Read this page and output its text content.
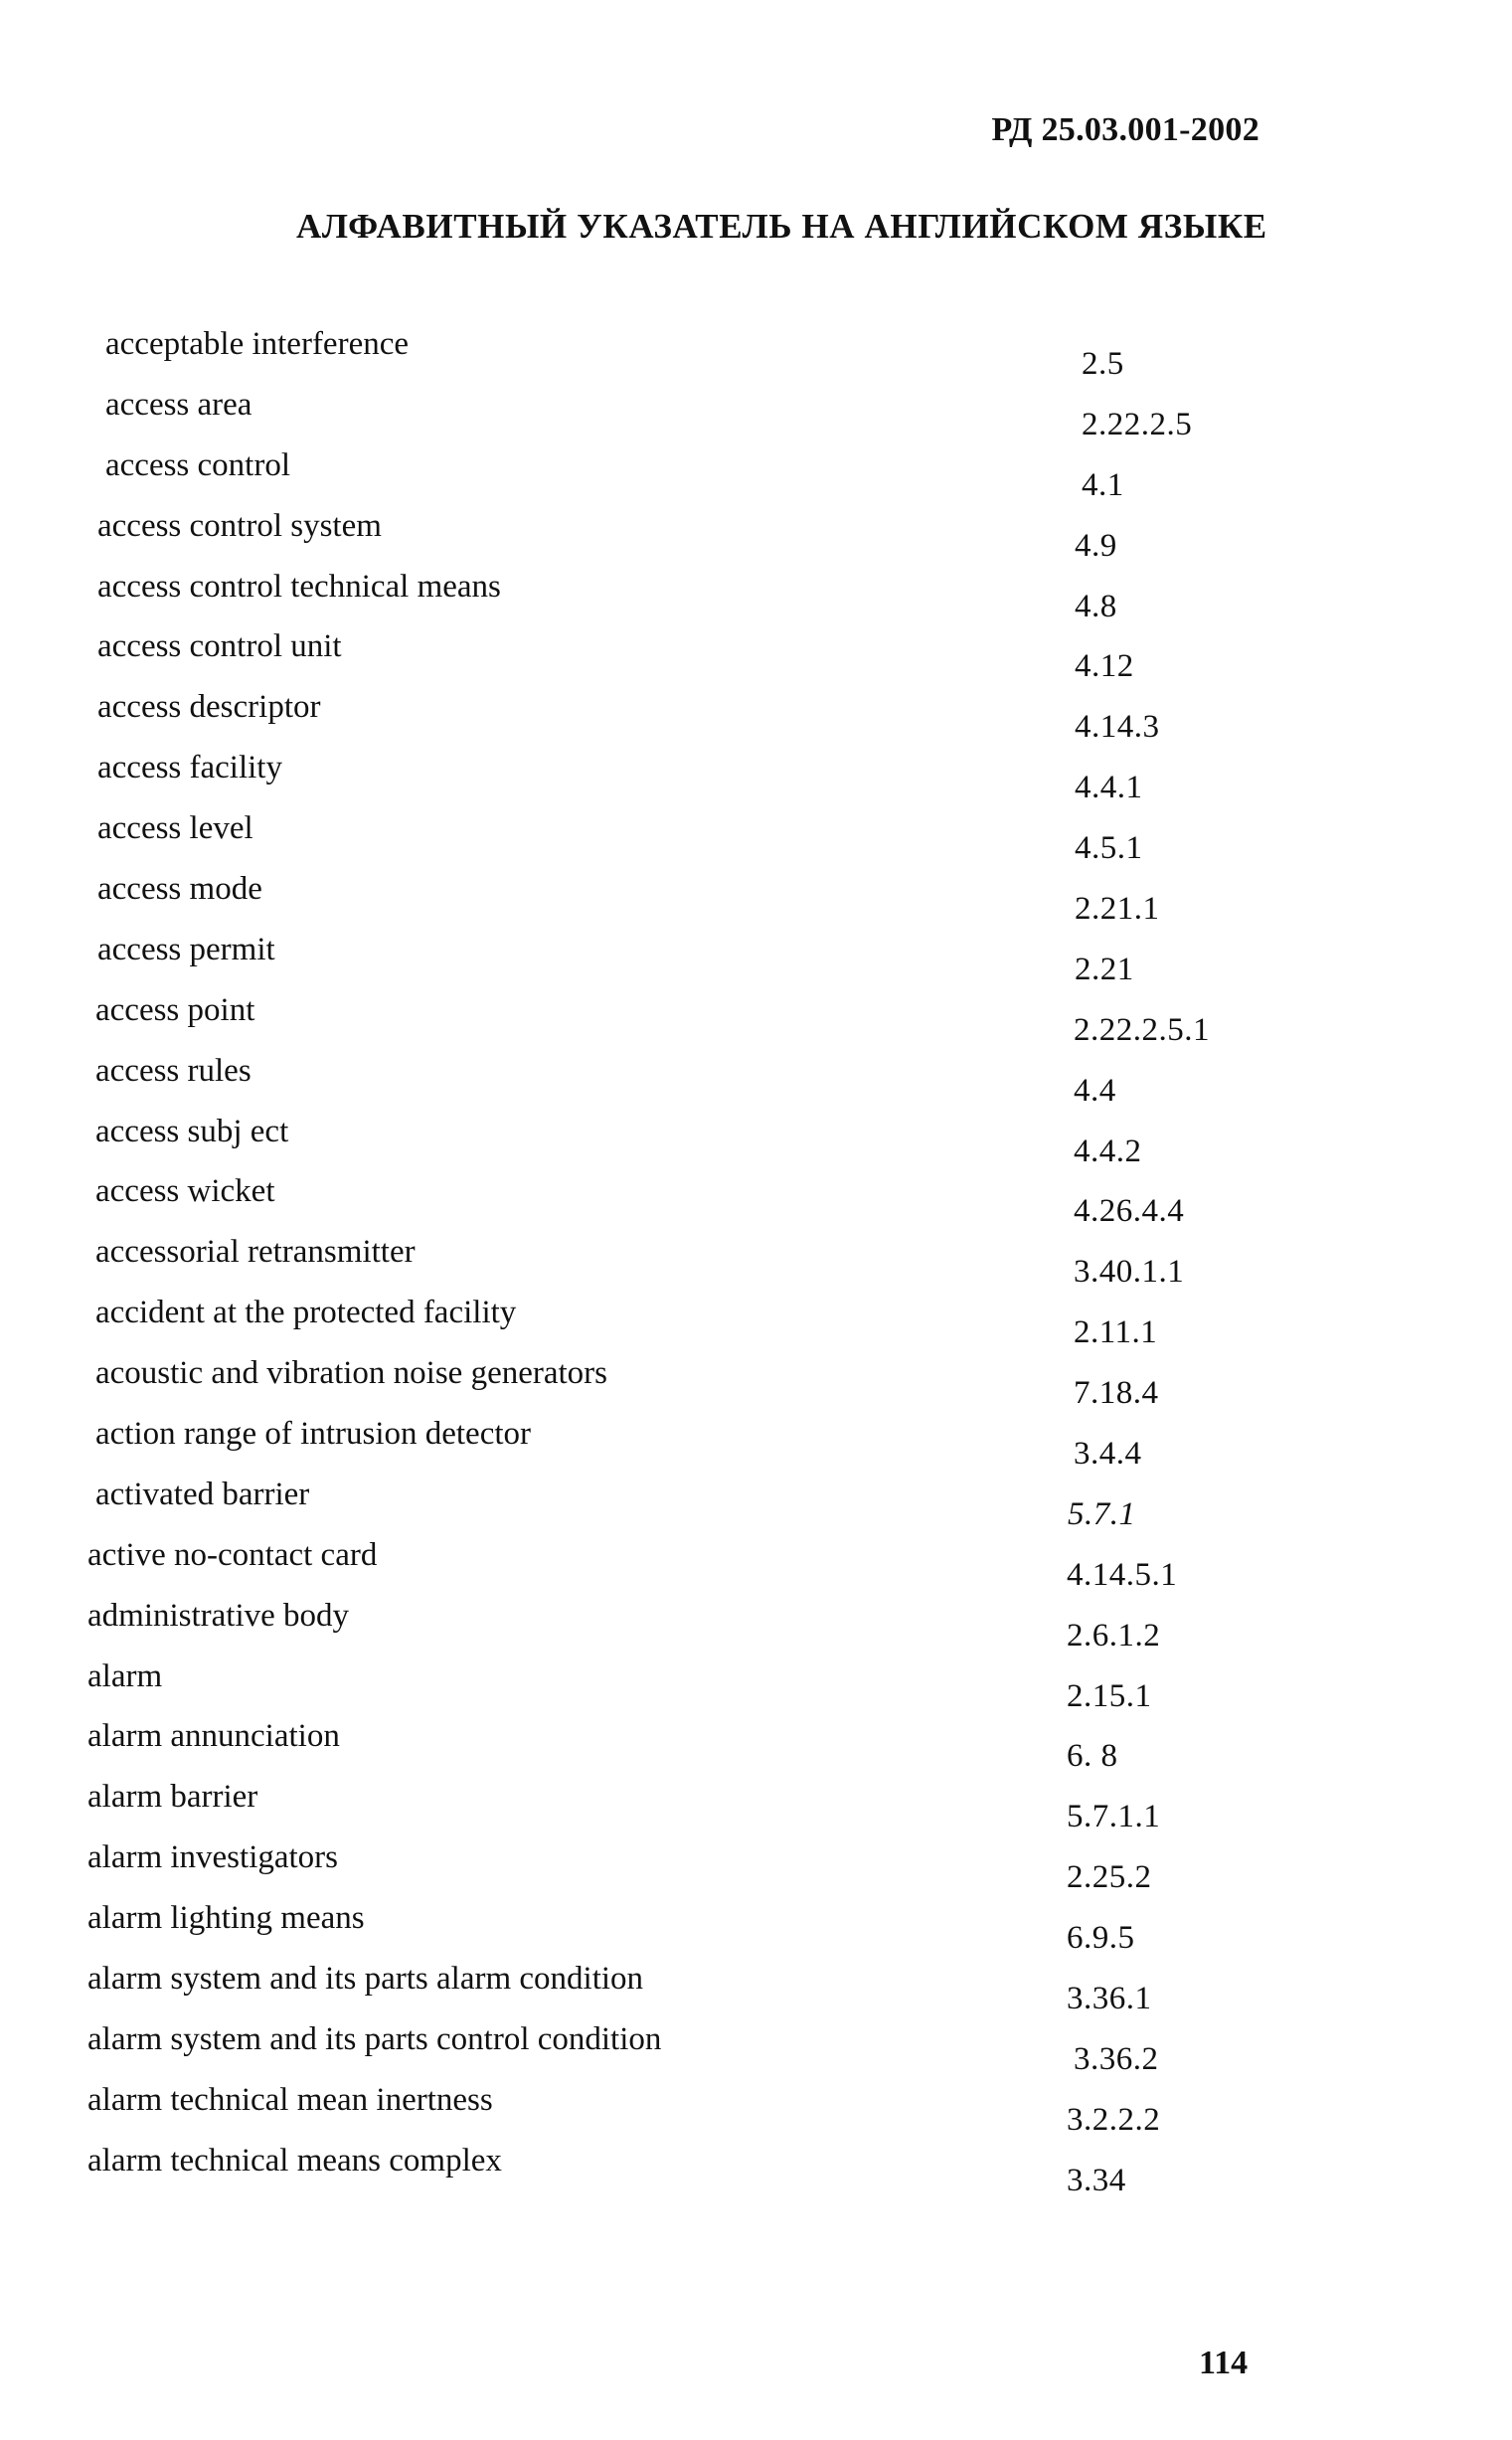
РД 25.03.001-2002
АЛФАВИТНЫЙ УКАЗАТЕЛЬ НА АНГЛИЙСКОМ ЯЗЫКЕ
acceptable interference
2.5
access area
2.22.2.5
access control
4.1
access control system
4.9
access control technical means
4.8
access control unit
4.12
access descriptor
4.14.3
access facility
4.4.1
access level
4.5.1
access mode
2.21.1
access permit
2.21
access point
2.22.2.5.1
access rules
4.4
access subj ect
4.4.2
access wicket
4.26.4.4
accessorial retransmitter
3.40.1.1
accident at the protected facility
2.11.1
acoustic and vibration noise generators
7.18.4
action range of intrusion detector
3.4.4
activated barrier
5.7.1
active no-contact card
4.14.5.1
administrative body
2.6.1.2
alarm
2.15.1
alarm annunciation
6. 8
alarm barrier
5.7.1.1
alarm investigators
2.25.2
alarm lighting means
6.9.5
alarm system and its parts alarm condition
3.36.1
alarm system and its parts control condition
3.36.2
alarm technical mean inertness
3.2.2.2
alarm technical means complex
3.34
114
